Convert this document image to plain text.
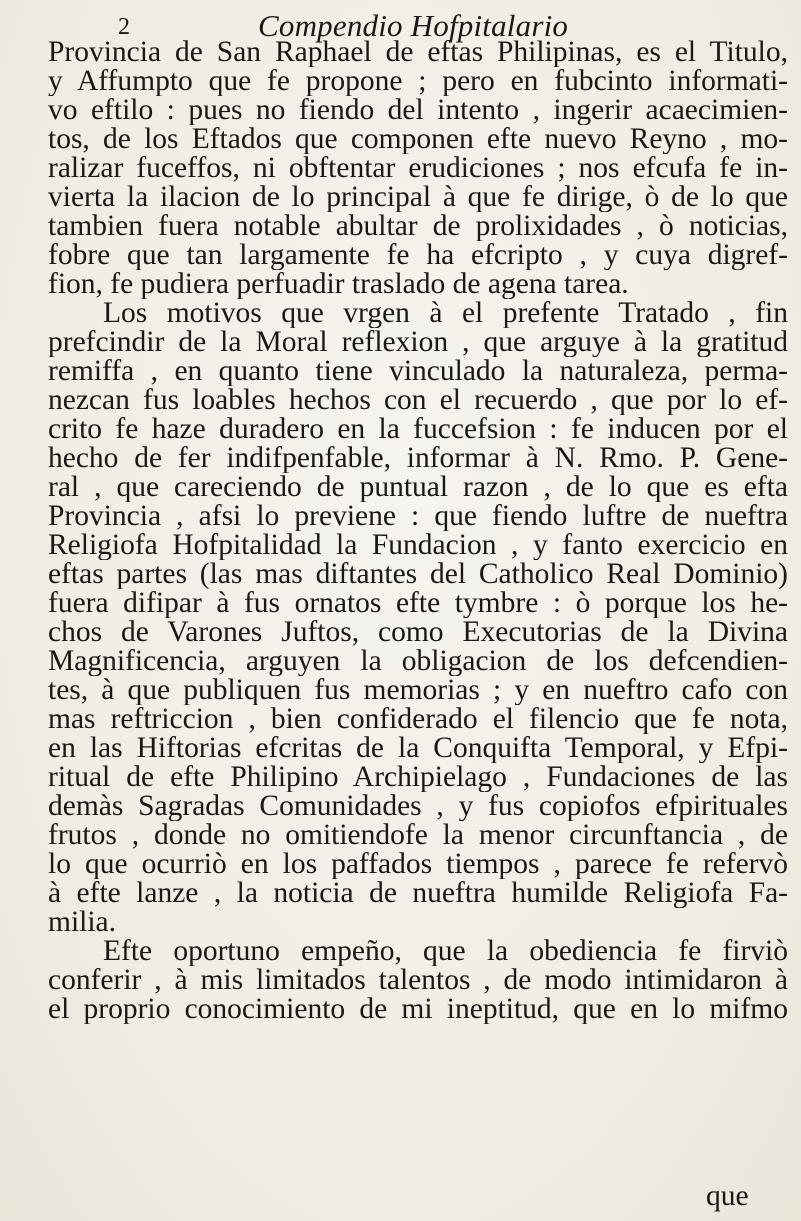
2	Compendio Hofpitalario
Provincia de San Raphael de eftas Philipinas, es el Titulo,
y Affumpto que fe propone ; pero en fubcinto informati-
vo eftilo : pues no fiendo del intento , ingerir acaecimien-
tos, de los Eftados que componen efte nuevo Reyno , mo-
ralizar fuceffos, ni obftentar erudiciones ; nos efcufa fe in-
vierta la ilacion de lo principal à que fe dirige, ò de lo que
tambien fuera notable abultar de prolixidades , ò noticias,
fobre que tan largamente fe ha efcripto , y cuya digref-
fion, fe pudiera perfuadir traslado de agena tarea.
Los motivos que vrgen à el prefente Tratado , fin
prefcindir de la Moral reflexion , que arguye à la gratitud
remiffa , en quanto tiene vinculado la naturaleza, perma-
nezcan fus loables hechos con el recuerdo , que por lo ef-
crito fe haze duradero en la fuccefsion : fe inducen por el
hecho de fer indifpenfable, informar à N. Rmo. P. Gene-
ral , que careciendo de puntual razon , de lo que es efta
Provincia , afsi lo previene : que fiendo luftre de nueftra
Religiofa Hofpitalidad la Fundacion , y fanto exercicio en
eftas partes (las mas diftantes del Catholico Real Dominio)
fuera difipar à fus ornatos efte tymbre : ò porque los he-
chos de Varones Juftos, como Executorias de la Divina
Magnificencia, arguyen la obligacion de los defcendien-
tes, à que publiquen fus memorias ; y en nueftro cafo con
mas reftriccion , bien confiderado el filencio que fe nota,
en las Hiftorias efcritas de la Conquifta Temporal, y Efpi-
ritual de efte Philipino Archipielago , Fundaciones de las
demàs Sagradas Comunidades , y fus copiofos efpirituales
frutos , donde no omitiendofe la menor circunftancia , de
lo que ocurriò en los paffados tiempos , parece fe refervò
à efte lanze , la noticia de nueftra humilde Religiofa Fa-
milia.
Efte oportuno empeño, que la obediencia fe firviò
conferir , à mis limitados talentos , de modo intimidaron à
el proprio conocimiento de mi ineptitud, que en lo mifmo
que
